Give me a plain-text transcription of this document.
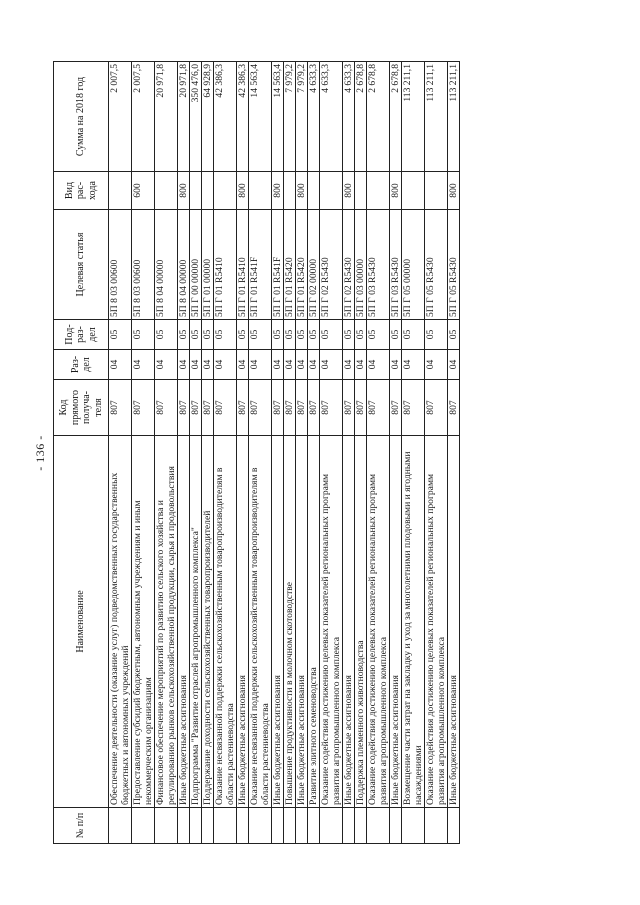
- 136 -
№ п/п	Наименование	Код прямого получа-теля	Раз-дел	Под-раз-дел	Целевая статья	Вид рас-хода	Сумма на 2018 год
	Обеспечение деятельности (оказание услуг) подведомственных государственных бюджетных и автономных учреждений	807	04	05	5П 8 03 00600		2 007,5
	Предоставление субсидий бюджетным, автономным учреждениям и иным некоммерческим организациям	807	04	05	5П 8 03 00600	600	2 007,5
	Финансовое обеспечение мероприятий по развитию сельского хозяйства и регулированию рынков сельскохозяйственной продукции, сырья и продовольствия	807	04	05	5П 8 04 00000		20 971,8
	Иные бюджетные ассигнования	807	04	05	5П 8 04 00000	800	20 971,8
	Подпрограмма "Развитие отраслей агропромышленного комплекса"	807	04	05	5П Г 00 00000		350 476,0
	Поддержание доходности сельскохозяйственных товаропроизводителей	807	04	05	5П Г 01 00000		64 928,9
	Оказание несвязанной поддержки сельскохозяйственным товаропроизводителям в области растениеводства	807	04	05	5П Г 01 R5410		42 386,3
	Иные бюджетные ассигнования	807	04	05	5П Г 01 R5410	800	42 386,3
	Оказание несвязанной поддержки сельскохозяйственным товаропроизводителям в области растениеводства	807	04	05	5П Г 01 R541F		14 563,4
	Иные бюджетные ассигнования	807	04	05	5П Г 01 R541F	800	14 563,4
	Повышение продуктивности в молочном скотоводстве	807	04	05	5П Г 01 R5420		7 979,2
	Иные бюджетные ассигнования	807	04	05	5П Г 01 R5420	800	7 979,2
	Развитие элитного семеноводства	807	04	05	5П Г 02 00000		4 633,3
	Оказание содействия достижению целевых показателей региональных программ развития агропромышленного комплекса	807	04	05	5П Г 02 R5430		4 633,3
	Иные бюджетные ассигнования	807	04	05	5П Г 02 R5430	800	4 633,3
	Поддержка племенного животноводства	807	04	05	5П Г 03 00000		2 678,8
	Оказание содействия достижению целевых показателей региональных программ развития агропромышленного комплекса	807	04	05	5П Г 03 R5430		2 678,8
	Иные бюджетные ассигнования	807	04	05	5П Г 03 R5430	800	2 678,8
	Возмещение части затрат на закладку и уход за многолетними плодовыми и ягодными насаждениями	807	04	05	5П Г 05 00000		113 211,1
	Оказание содействия достижению целевых показателей региональных программ развития агропромышленного комплекса	807	04	05	5П Г 05 R5430		113 211,1
	Иные бюджетные ассигнования	807	04	05	5П Г 05 R5430	800	113 211,1
